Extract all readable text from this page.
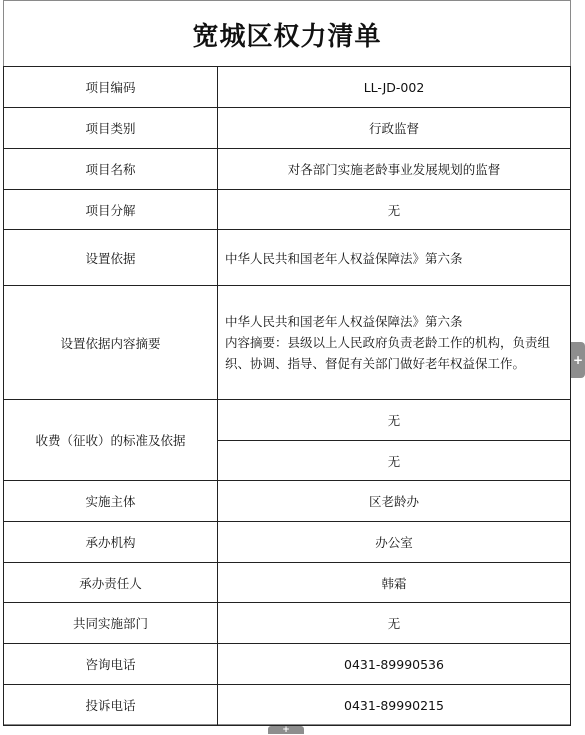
宽城区权力清单
项目编码	LL-JD-002
项目类别	行政监督
项目名称	对各部门实施老龄事业发展规划的监督
项目分解	无
设置依据	中华人民共和国老年人权益保障法》第六条
设置依据内容摘要	中华人民共和国老年人权益保障法》第六条
内容摘要：县级以上人民政府负责老龄工作的机构，负责组织、协调、指导、督促有关部门做好老年权益保工作。

收费（征收）的标准及依据	无
	无
实施主体	区老龄办
承办机构	办公室
承办责任人	韩霜
共同实施部门	无
咨询电话	0431-89990536
投诉电话	0431-89990215
+
+
